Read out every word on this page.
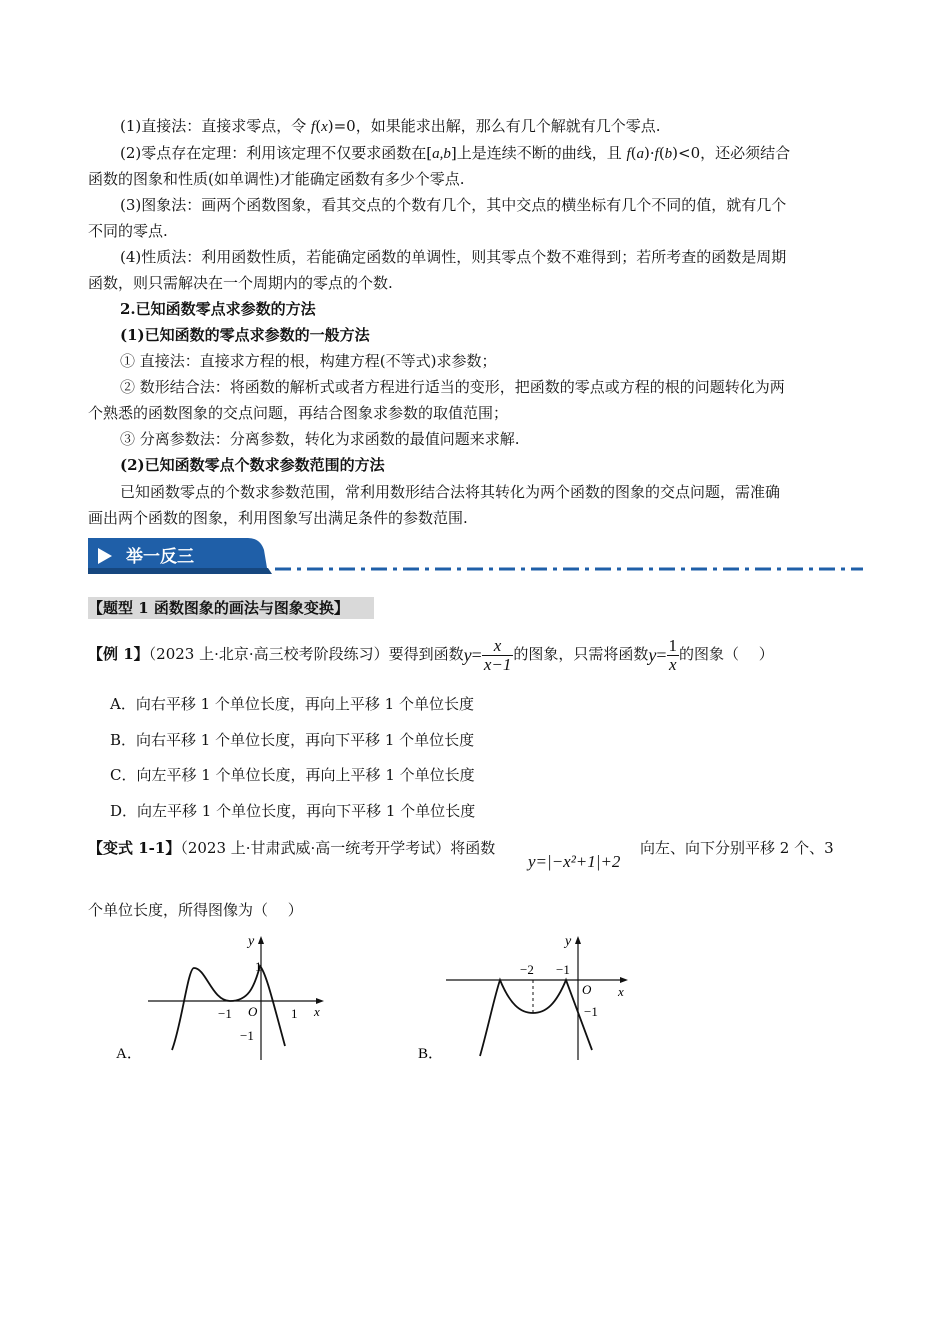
(1)直接法：直接求零点，令 f(x)=0，如果能求出解，那么有几个解就有几个零点.
(2)零点存在定理：利用该定理不仅要求函数在[a,b]上是连续不断的曲线，且 f(a)·f(b)<0，还必须结合
函数的图象和性质(如单调性)才能确定函数有多少个零点.
(3)图象法：画两个函数图象，看其交点的个数有几个，其中交点的横坐标有几个不同的值，就有几个
不同的零点.
(4)性质法：利用函数性质，若能确定函数的单调性，则其零点个数不难得到；若所考查的函数是周期
函数，则只需解决在一个周期内的零点的个数.
2.已知函数零点求参数的方法
(1)已知函数的零点求参数的一般方法
① 直接法：直接求方程的根，构建方程(不等式)求参数；
② 数形结合法：将函数的解析式或者方程进行适当的变形，把函数的零点或方程的根的问题转化为两
个熟悉的函数图象的交点问题，再结合图象求参数的取值范围；
③ 分离参数法：分离参数，转化为求函数的最值问题来求解.
(2)已知函数零点个数求参数范围的方法
已知函数零点的个数求参数范围，常利用数形结合法将其转化为两个函数的图象的交点问题，需准确
画出两个函数的图象，利用图象写出满足条件的参数范围.
举一反三
【题型 1 函数图象的画法与图象变换】
【例 1】（2023 上·北京·高三校考阶段练习）要得到函数$y= \frac{x}{x-1}$ 的图象，只需将函数$y= \frac{1}{x}$ 的图象（　 ）
A．向右平移 1 个单位长度，再向上平移 1 个单位长度
B．向右平移 1 个单位长度，再向下平移 1 个单位长度
C．向左平移 1 个单位长度，再向上平移 1 个单位长度
D．向左平移 1 个单位长度，再向下平移 1 个单位长度
【变式 1-1】（2023 上·甘肃武威·高一统考开学考试）将函数
y=|−x²+1|+2
向左、向下分别平移 2 个、3
个单位长度，所得图像为（　 ）
y
1
−1 O	1 x
−1
A．
y
−2 −1
O x
−1
B．
